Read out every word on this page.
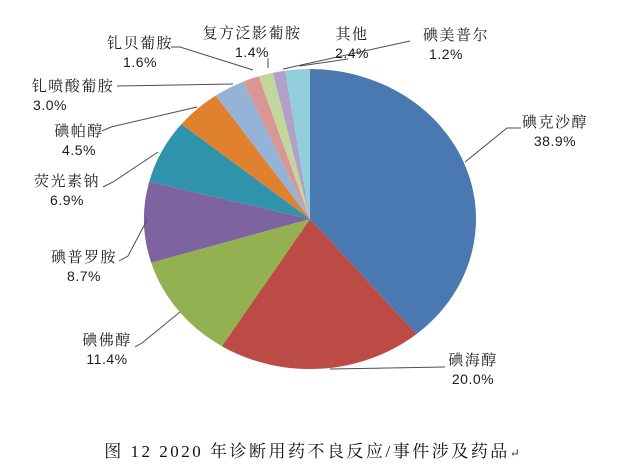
碘克沙醇
38.9%
碘海醇
20.0%
碘佛醇
11.4%
碘普罗胺
8.7%
荧光素钠
6.9%
碘帕醇
4.5%
钆喷酸葡胺
3.0%
钆贝葡胺
1.6%
复方泛影葡胺
1.4%
碘美普尔
1.2%
其他
2.4%
图 12 2020 年诊断用药不良反应/事件涉及药品↵
